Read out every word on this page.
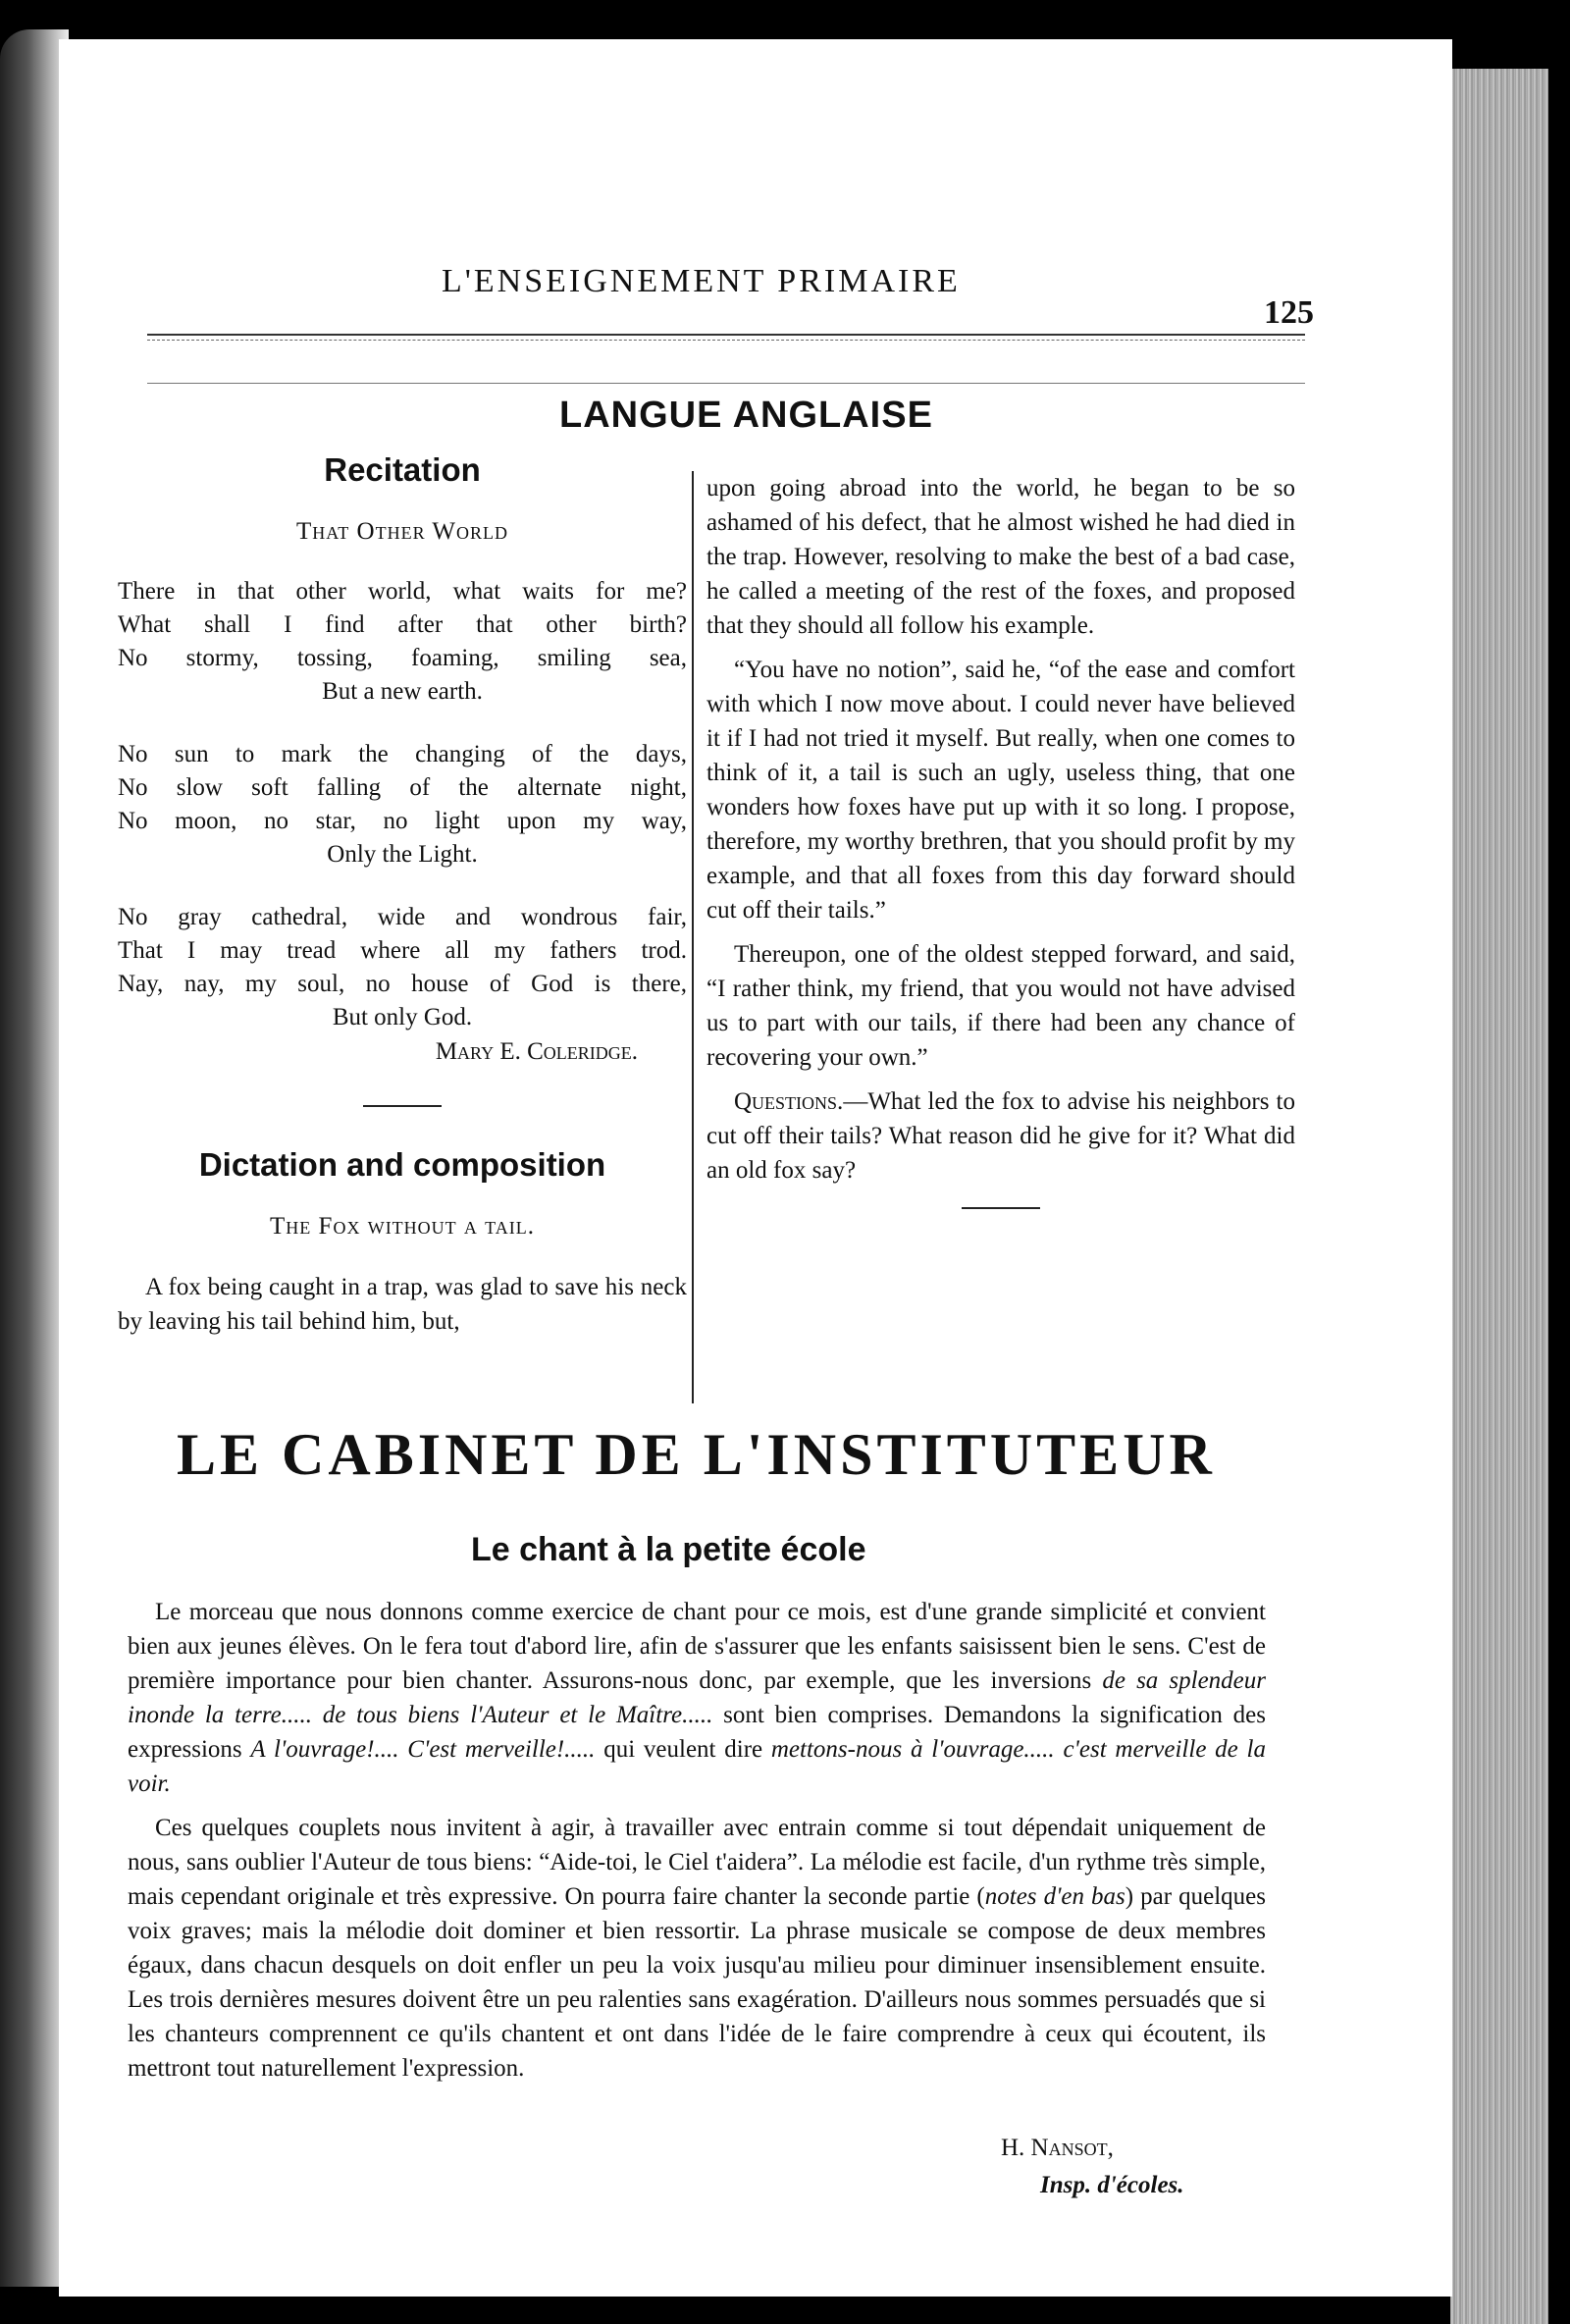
L'ENSEIGNEMENT PRIMAIRE
125
LANGUE ANGLAISE
Recitation
That Other World
There in that other world, what waits for me?
What shall I find after that other birth?
No stormy, tossing, foaming, smiling sea,
But a new earth.
No sun to mark the changing of the days,
No slow soft falling of the alternate night,
No moon, no star, no light upon my way,
Only the Light.
No gray cathedral, wide and wondrous fair,
That I may tread where all my fathers trod.
Nay, nay, my soul, no house of God is there,
But only God.
Mary E. Coleridge.
Dictation and composition
The Fox without a tail.
A fox being caught in a trap, was glad to save his neck by leaving his tail behind him, but,

upon going abroad into the world, he began to be so ashamed of his defect, that he almost wished he had died in the trap. However, resolving to make the best of a bad case, he called a meeting of the rest of the foxes, and proposed that they should all follow his example.

“You have no notion”, said he, “of the ease and comfort with which I now move about. I could never have believed it if I had not tried it myself. But really, when one comes to think of it, a tail is such an ugly, useless thing, that one wonders how foxes have put up with it so long. I propose, therefore, my worthy brethren, that you should profit by my example, and that all foxes from this day forward should cut off their tails.”

Thereupon, one of the oldest stepped forward, and said, “I rather think, my friend, that you would not have advised us to part with our tails, if there had been any chance of recovering your own.”

Questions.—What led the fox to advise his neighbors to cut off their tails? What reason did he give for it? What did an old fox say?

LE CABINET DE L'INSTITUTEUR
Le chant à la petite école

Le morceau que nous donnons comme exercice de chant pour ce mois, est d'une grande simplicité et convient bien aux jeunes élèves. On le fera tout d'abord lire, afin de s'assurer que les enfants saisissent bien le sens. C'est de première importance pour bien chanter. Assurons-nous donc, par exemple, que les inversions de sa splendeur inonde la terre..... de tous biens l'Auteur et le Maître..... sont bien comprises. Demandons la signification des expressions A l'ouvrage!.... C'est merveille!..... qui veulent dire mettons-nous à l'ouvrage..... c'est merveille de la voir.

Ces quelques couplets nous invitent à agir, à travailler avec entrain comme si tout dépendait uniquement de nous, sans oublier l'Auteur de tous biens: “Aide-toi, le Ciel t'aidera”. La mélodie est facile, d'un rythme très simple, mais cependant originale et très expressive. On pourra faire chanter la seconde partie (notes d'en bas) par quelques voix graves; mais la mélodie doit dominer et bien ressortir. La phrase musicale se compose de deux membres égaux, dans chacun desquels on doit enfler un peu la voix jusqu'au milieu pour diminuer insensiblement ensuite. Les trois dernières mesures doivent être un peu ralenties sans exagération. D'ailleurs nous sommes persuadés que si les chanteurs comprennent ce qu'ils chantent et ont dans l'idée de le faire comprendre à ceux qui écoutent, ils mettront tout naturellement l'expression.

H. Nansot,
Insp. d'écoles.
